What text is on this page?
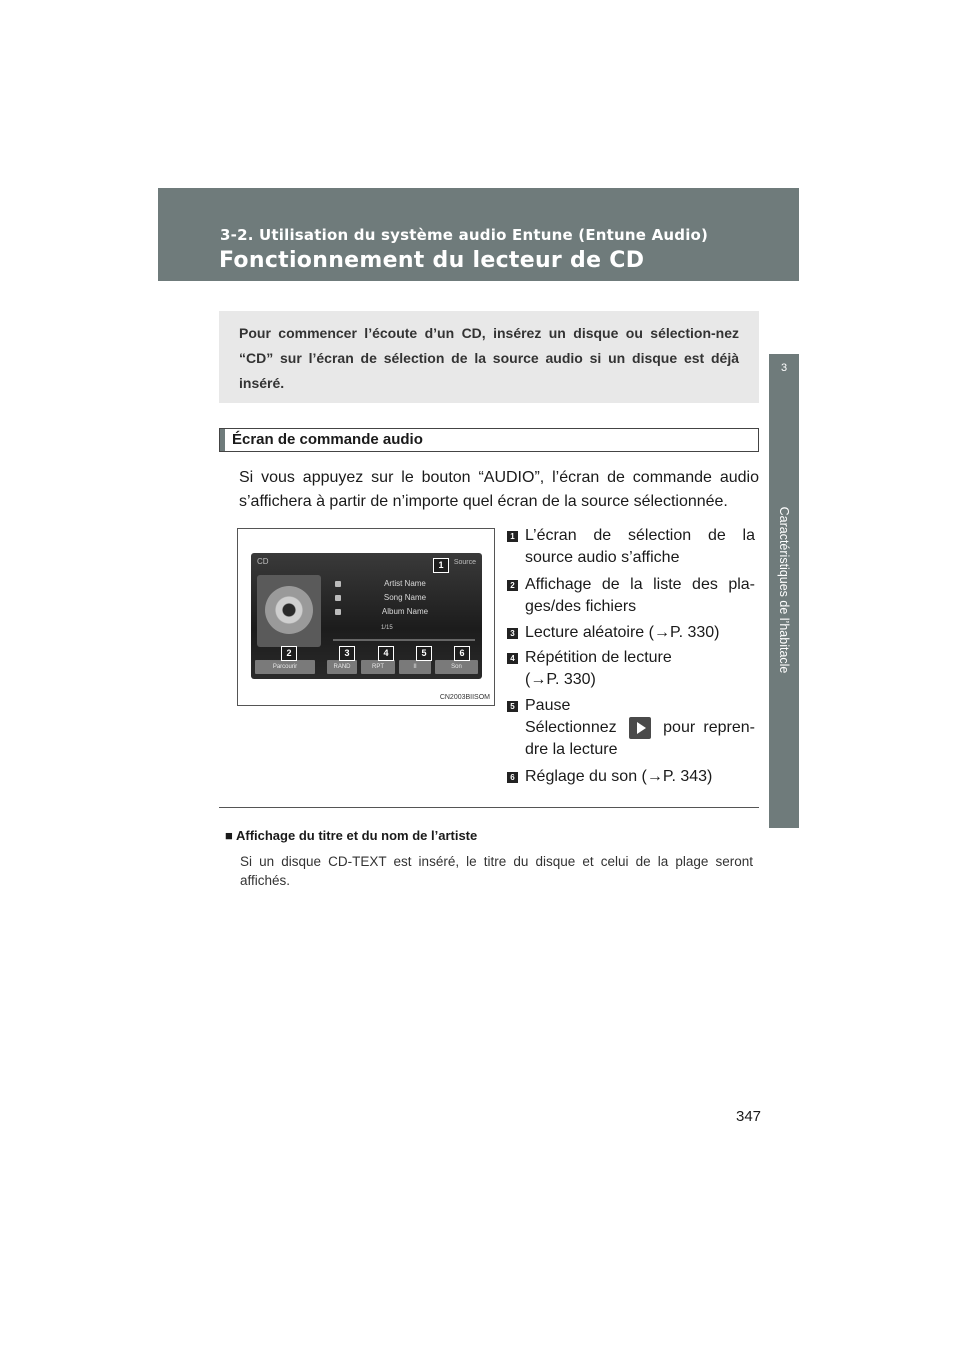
3-2. Utilisation du système audio Entune (Entune Audio)
Fonctionnement du lecteur de CD
3
Caractéristiques de l’habitacle
Pour commencer l’écoute d’un CD, insérez un disque ou sélection-nez “CD” sur l’écran de sélection de la source audio si un disque est déjà inséré.
Écran de commande audio
Si vous appuyez sur le bouton “AUDIO”, l’écran de commande audio s’affichera à partir de n’importe quel écran de la source sélectionnée.
CD	Source
Artist Name
Song Name
Album Name
1/15
Parcourir	RAND	RPT	II	Son
1
2	3	4	5	6
CN2003BIISOM
1 L’écran de sélection de la
source audio s’affiche
2 Affichage de la liste des pla-
ges/des fichiers
3 Lecture aléatoire (→P. 330)
4 Répétition de lecture
(→P. 330)
5 Pause
Sélectionnez	pour repren-
dre la lecture
6 Réglage du son (→P. 343)
■ Affichage du titre et du nom de l’artiste
Si un disque CD-TEXT est inséré, le titre du disque et celui de la plage seront affichés.
347
